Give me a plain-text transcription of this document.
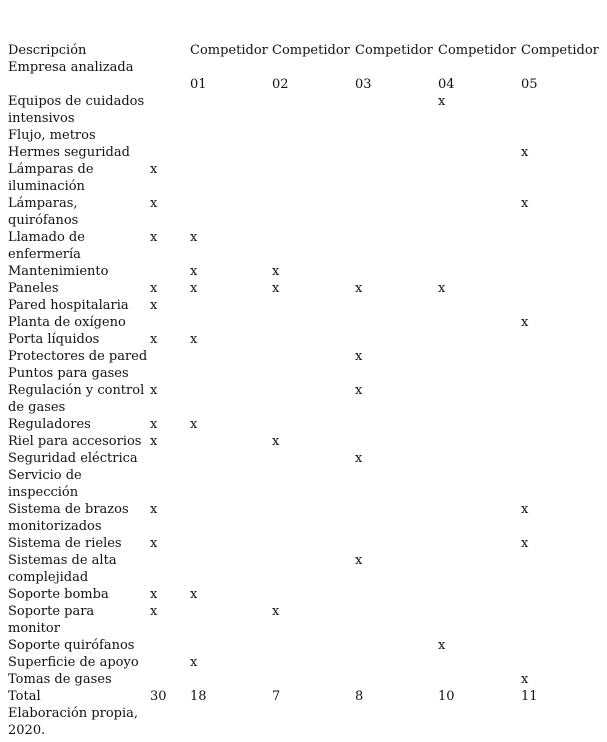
Descripción		Competidor	Competidor	Competidor	Competidor	Competidor
Empresa analizada		01	02	03	04	05
Equipos de cuidados intensivos					x	
Flujo, metros						
Hermes seguridad						x
Lámparas de iluminación	x					
Lámparas, quirófanos	x					x
Llamado de enfermería	x	x				
Mantenimiento		x	x			
Paneles	x	x	x	x	x	
Pared hospitalaria	x					
Planta de oxígeno						x
Porta líquidos	x	x				
Protectores de pared				x		
Puntos para gases						
Regulación y control de gases	x			x		
Reguladores	x	x				
Riel para accesorios	x		x			
Seguridad eléctrica				x		
Servicio de inspección						
Sistema de brazos monitorizados	x					x
Sistema de rieles	x					x
Sistemas de alta complejidad				x		
Soporte bomba	x	x				
Soporte para monitor	x		x			
Soporte quirófanos					x	
Superficie de apoyo		x				
Tomas de gases						x
Total	30	18	7	8	10	11
Elaboración propia, 2020.						
